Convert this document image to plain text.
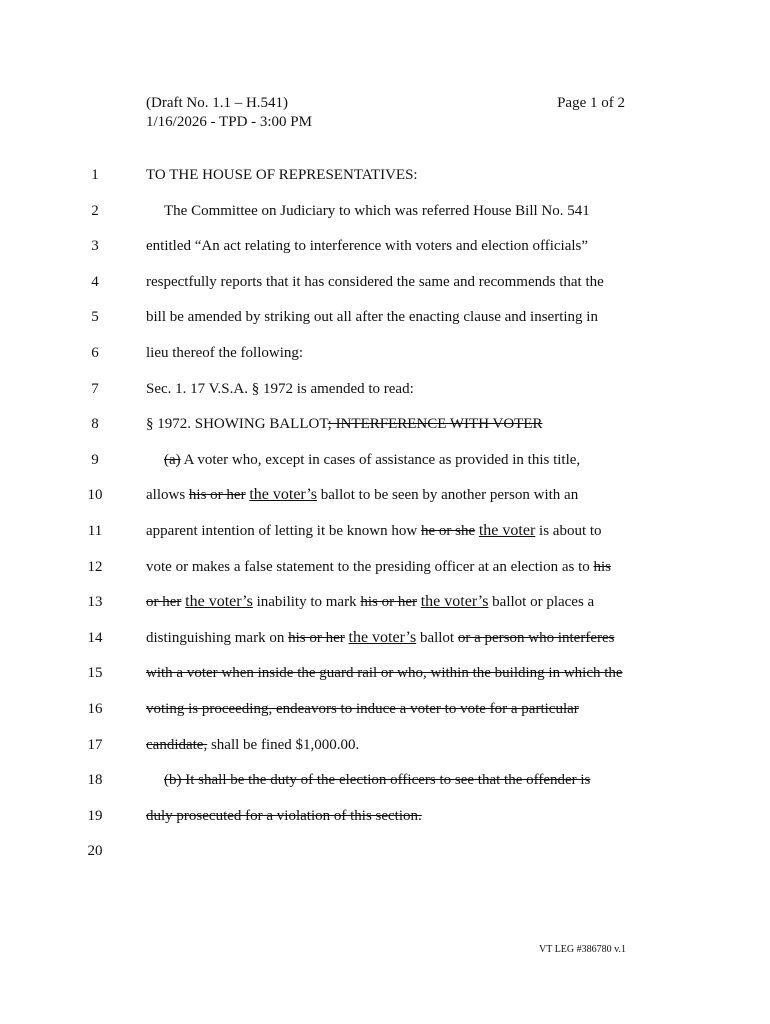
(Draft No. 1.1 – H.541)
1/16/2026 - TPD - 3:00 PM
Page 1 of 2
1	TO THE HOUSE OF REPRESENTATIVES:
2	The Committee on Judiciary to which was referred House Bill No. 541
3	entitled “An act relating to interference with voters and election officials”
4	respectfully reports that it has considered the same and recommends that the
5	bill be amended by striking out all after the enacting clause and inserting in
6	lieu thereof the following:
7	Sec. 1. 17 V.S.A. § 1972 is amended to read:
8	§ 1972. SHOWING BALLOT; INTERFERENCE WITH VOTER
9	(a) A voter who, except in cases of assistance as provided in this title,
10	allows his or her the voter’s ballot to be seen by another person with an
11	apparent intention of letting it be known how he or she the voter is about to
12	vote or makes a false statement to the presiding officer at an election as to his
13	or her the voter’s inability to mark his or her the voter’s ballot or places a
14	distinguishing mark on his or her the voter’s ballot or a person who interferes
15	with a voter when inside the guard rail or who, within the building in which the
16	voting is proceeding, endeavors to induce a voter to vote for a particular
17	candidate, shall be fined $1,000.00.
18	(b) It shall be the duty of the election officers to see that the offender is
19	duly prosecuted for a violation of this section.
20
VT LEG #386780 v.1
